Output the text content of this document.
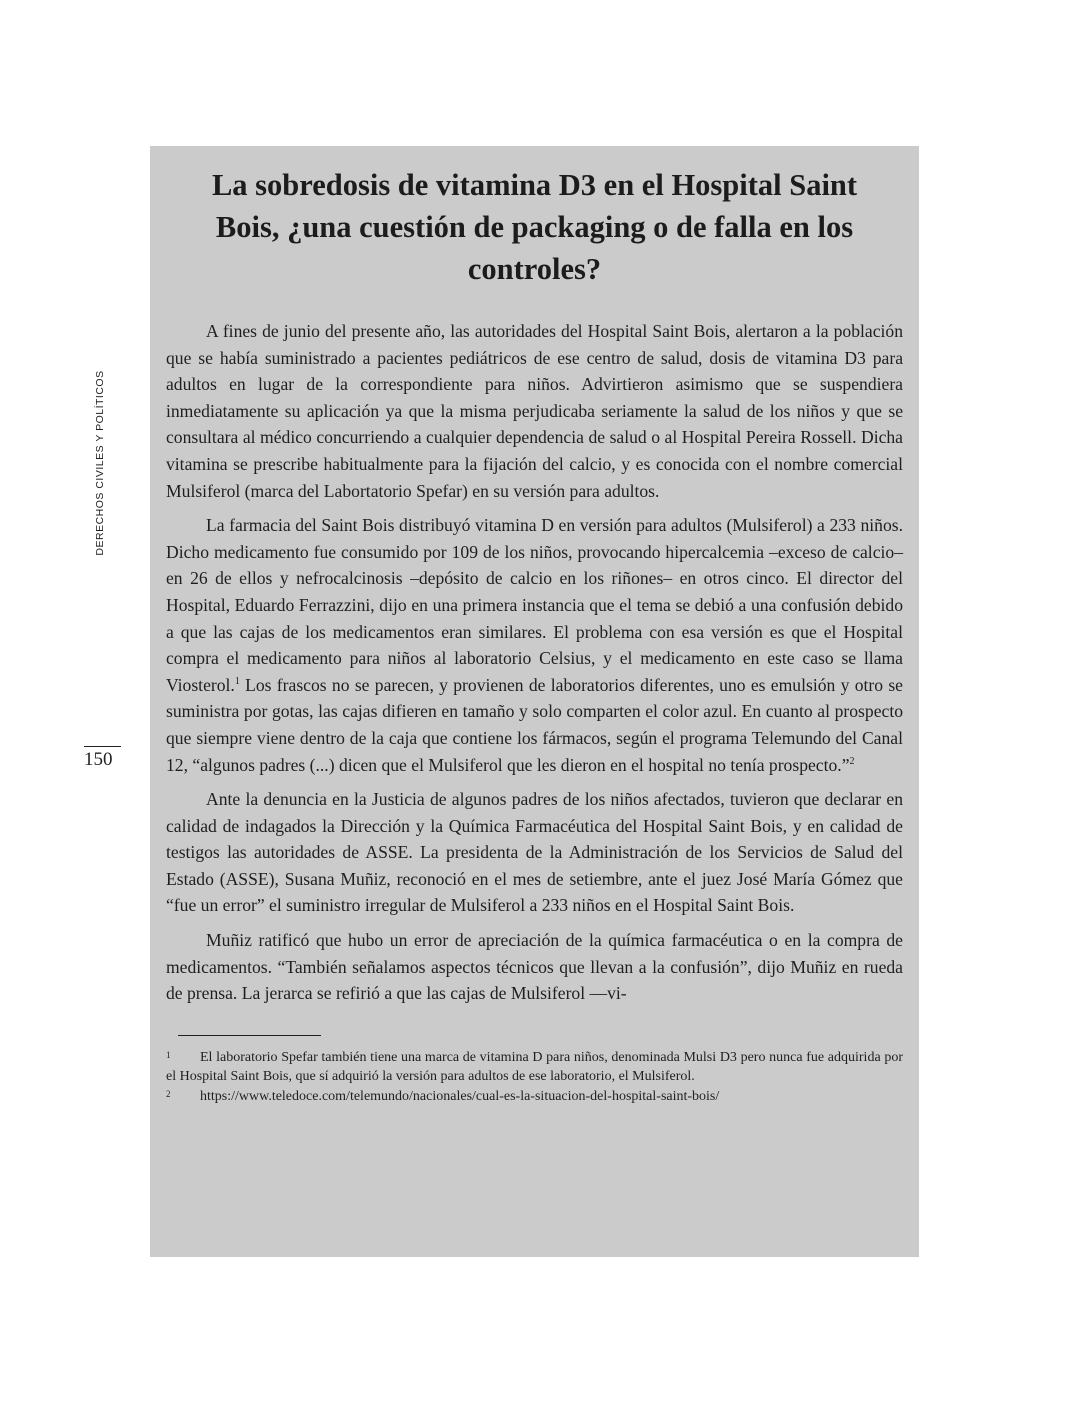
DERECHOS CIVILES Y POLÍTICOS
150
La sobredosis de vitamina D3 en el Hospital Saint Bois, ¿una cuestión de packaging o de falla en los controles?

A fines de junio del presente año, las autoridades del Hospital Saint Bois, alertaron a la población que se había suministrado a pacientes pediátricos de ese centro de salud, dosis de vitamina D3 para adultos en lugar de la correspondiente para niños. Advirtieron asimismo que se suspendiera inmediatamente su aplicación ya que la misma perjudicaba seriamente la salud de los niños y que se consultara al médico concurriendo a cualquier dependencia de salud o al Hospital Pereira Rossell. Dicha vitamina se prescribe habitualmente para la fijación del calcio, y es conocida con el nombre comercial Mulsiferol (marca del Labortatorio Spefar) en su versión para adultos.

La farmacia del Saint Bois distribuyó vitamina D en versión para adultos (Mulsiferol) a 233 niños. Dicho medicamento fue consumido por 109 de los niños, provocando hipercalcemia –exceso de calcio– en 26 de ellos y nefrocalcinosis –depósito de calcio en los riñones– en otros cinco. El director del Hospital, Eduardo Ferrazzini, dijo en una primera instancia que el tema se debió a una confusión debido a que las cajas de los medicamentos eran similares. El problema con esa versión es que el Hospital compra el medicamento para niños al laboratorio Celsius, y el medicamento en este caso se llama Viosterol.$^1$ Los frascos no se parecen, y provienen de laboratorios diferentes, uno es emulsión y otro se suministra por gotas, las cajas difieren en tamaño y solo comparten el color azul. En cuanto al prospecto que siempre viene dentro de la caja que contiene los fármacos, según el programa Telemundo del Canal 12, “algunos padres (...) dicen que el Mulsiferol que les dieron en el hospital no tenía prospecto.”$^2$

Ante la denuncia en la Justicia de algunos padres de los niños afectados, tuvieron que declarar en calidad de indagados la Dirección y la Química Farmacéutica del Hospital Saint Bois, y en calidad de testigos las autoridades de ASSE. La presidenta de la Administración de los Servicios de Salud del Estado (ASSE), Susana Muñiz, reconoció en el mes de setiembre, ante el juez José María Gómez que “fue un error” el suministro irregular de Mulsiferol a 233 niños en el Hospital Saint Bois.

Muñiz ratificó que hubo un error de apreciación de la química farmacéutica o en la compra de medicamentos. “También señalamos aspectos técnicos que llevan a la confusión”, dijo Muñiz en rueda de prensa. La jerarca se refirió a que las cajas de Mulsiferol —vi-

1 El laboratorio Spefar también tiene una marca de vitamina D para niños, denominada Mulsi D3 pero nunca fue adquirida por el Hospital Saint Bois, que sí adquirió la versión para adultos de ese laboratorio, el Mulsiferol.

2 https://www.teledoce.com/telemundo/nacionales/cual-es-la-situacion-del-hospital-saint-bois/
